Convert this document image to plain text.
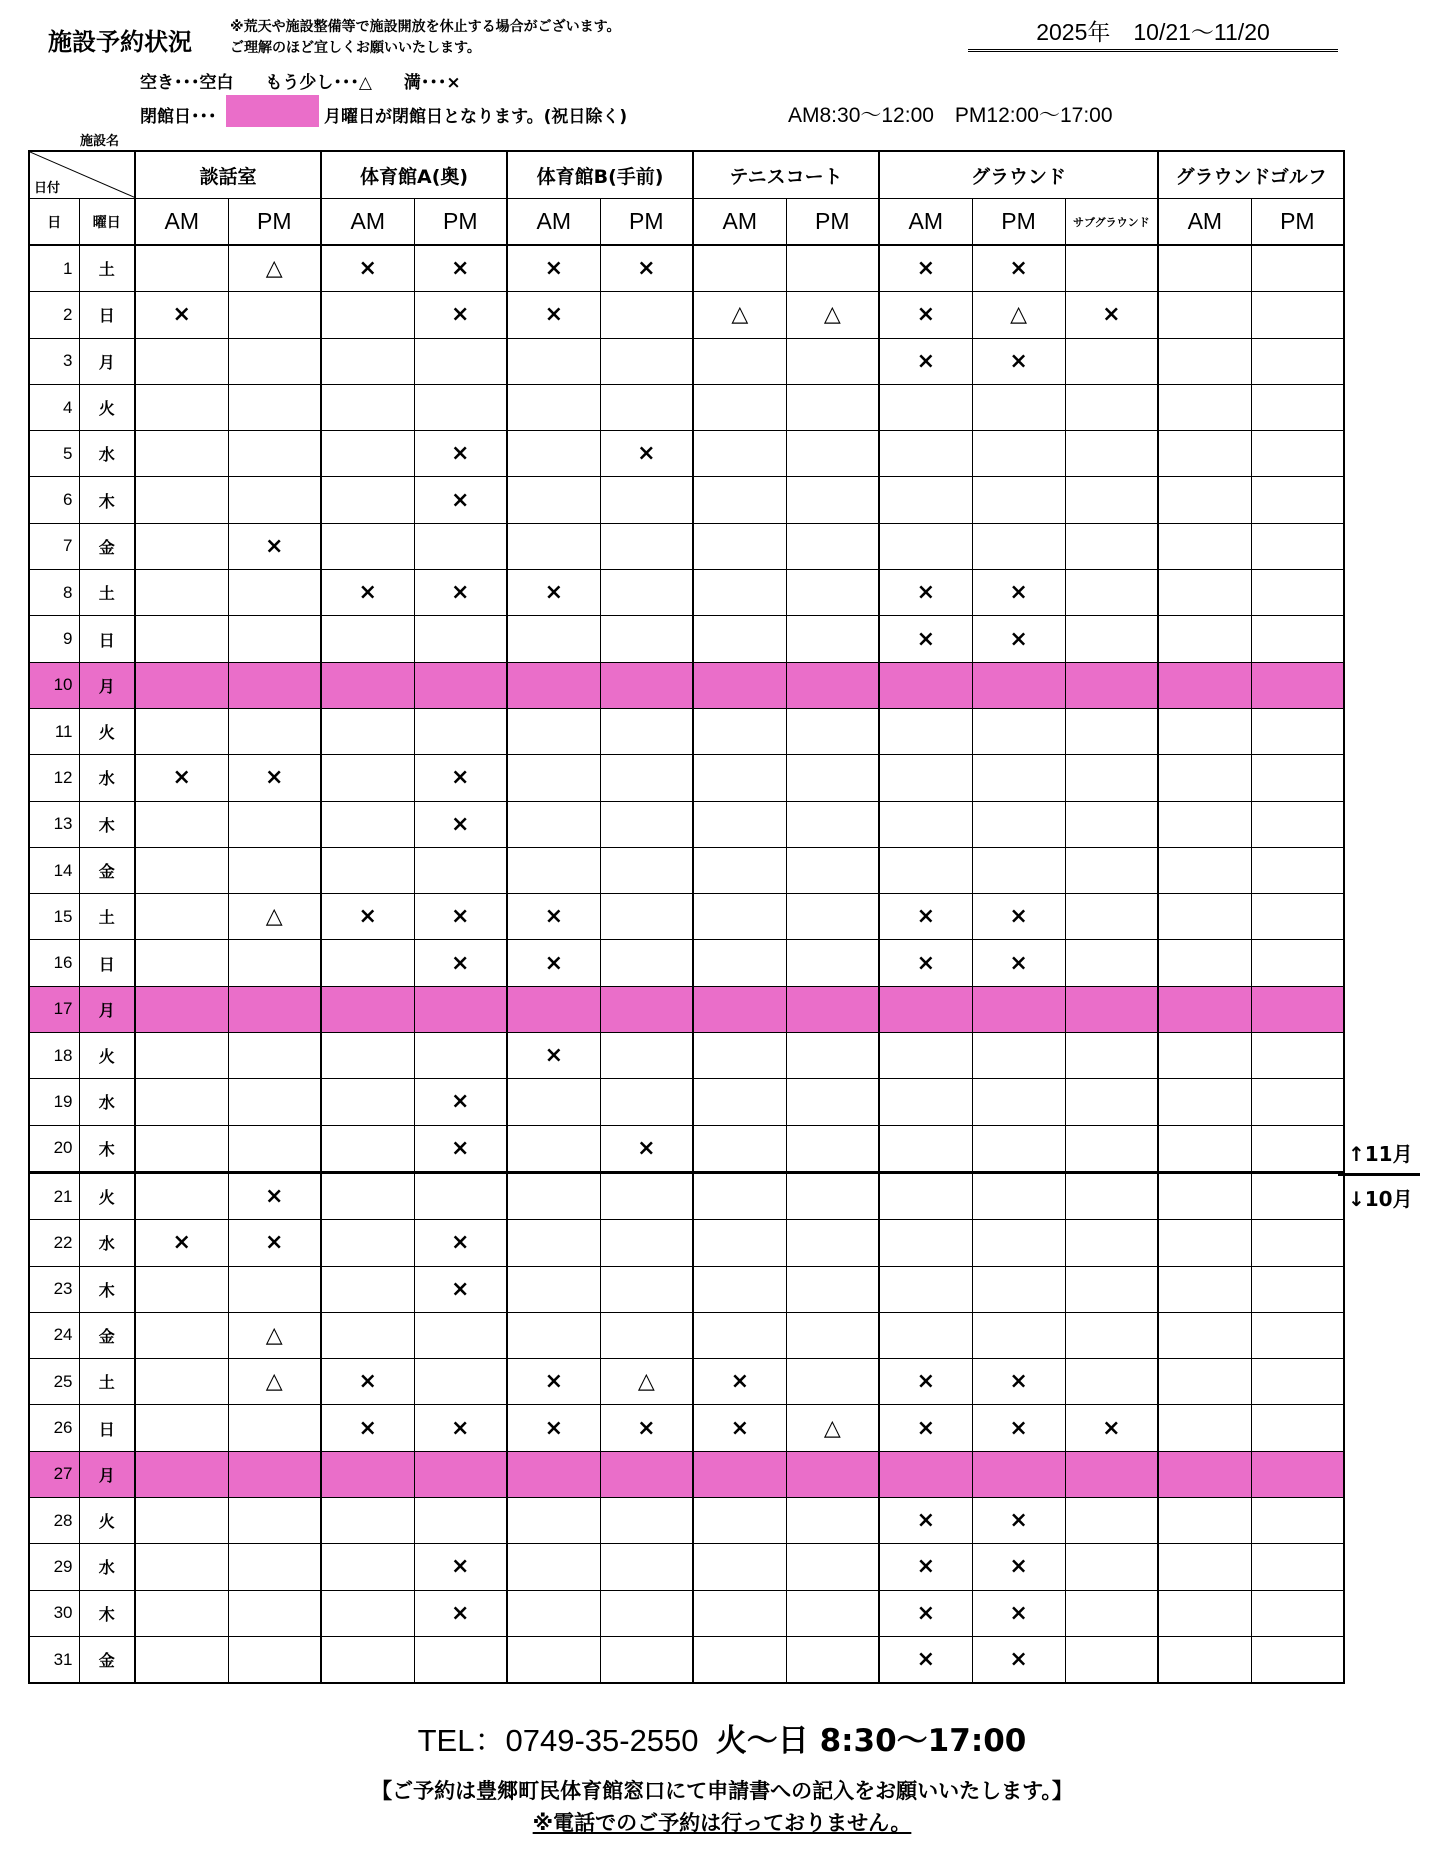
施設予約状況
※荒天や施設整備等で施設開放を休止する場合がございます。
ご理解のほど宜しくお願いいたします。
2025年　10/21～11/20
空き･･･空白 もう少し･･･△ 満･･･×
閉館日･･･	月曜日が閉館日となります。(祝日除く)	AM8:30～12:00　PM12:00～17:00
施設名
日付		談話室		体育館A(奥)		体育館B(手前)		テニスコート		グラウンド			グラウンドゴルフ	
日	曜日	AM	PM	AM	PM	AM	PM	AM	PM	AM	PM	サブグラウンド	AM	PM
1	土		△	×	×	×	×			×	×			
2	日	×			×	×		△	△	×	△	×		
3	月									×	×			
4	火													
5	水				×		×							
6	木				×									
7	金		×											
8	土			×	×	×				×	×			
9	日									×	×			
10	月													
11	火													
12	水	×	×		×									
13	木				×									
14	金													
15	土		△	×	×	×				×	×			
16	日				×	×				×	×			
17	月													
18	火					×								
19	水				×									
20	木				×		×							
21	火		×											
22	水	×	×		×									
23	木				×									
24	金		△											
25	土		△	×		×	△	×		×	×			
26	日			×	×	×	×	×	△	×	×	×		
27	月													
28	火									×	×			
29	水				×					×	×			
30	木				×					×	×			
31	金									×	×			
↑11月
↓10月
TEL：0749-35-2550 火～日 8:30～17:00
【ご予約は豊郷町民体育館窓口にて申請書への記入をお願いいたします。】
※電話でのご予約は行っておりません。
